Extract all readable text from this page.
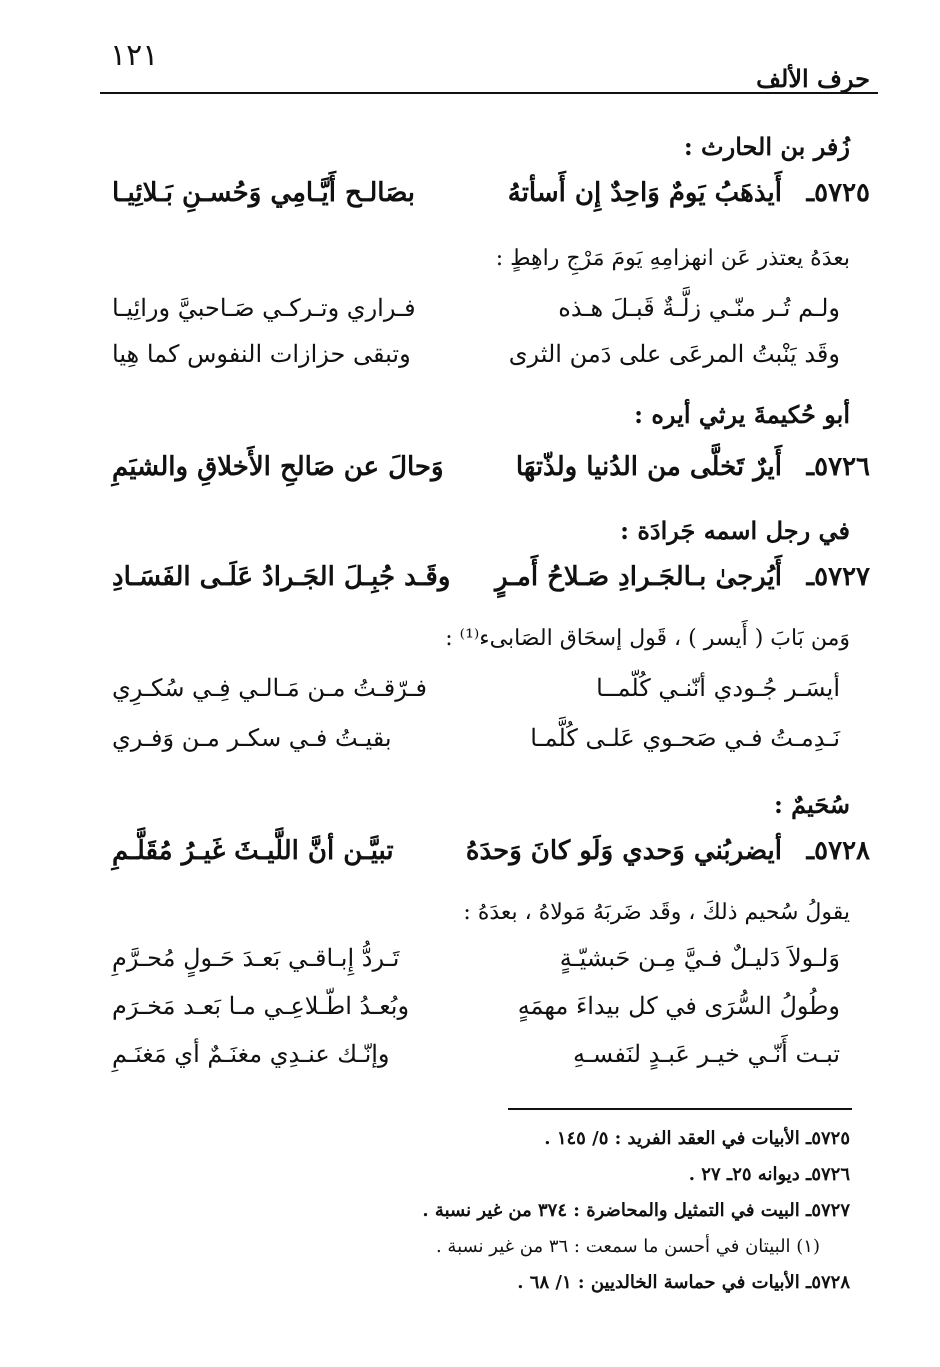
١٢١
حرف الألف
زُفر بن الحارث :
٥٧٢٥ـ
أَيذهَبُ يَومٌ وَاحِدٌ إِن أَسأتهُ
بصَالـح أَيَّـامِي وَحُسـنِ بَـلائِيـا
بعدَهُ يعتذر عَن انهزامِهِ يَومَ مَرْجِ راهِطٍ :
ولـم تُـر منّـي زلَّـةٌ قَبـلَ هـذه
فـراري وتـركـي صَـاحبيَّ ورائِيـا
وقَد يَنْبتُ المرعَى على دَمن الثرى
وتبقى حزازات النفوس كما هِيا
أبو حُكيمةَ يرثي أيره :
٥٧٢٦ـ
أَيرٌ تَخلَّى من الدُنيا ولذّتهَا
وَحالَ عن صَالحِ الأَخلاقِ والشيَمِ
في رجل اسمه جَرادَة :
٥٧٢٧ـ
أَيُرجىٰ بـالجَـرادِ صَـلاحُ أَمـرٍ
وقَـد جُبِـلَ الجَـرادُ عَلَـى الفَسَـادِ
وَمن بَابَ ( أَيسر ) ، قَول إسحَاق الصَابىء⁽¹⁾ :
أيسَـر جُـودي أنّنـي كُلّمــا
فـرّقـتُ مـن مَـالـي فِـي سُكـرِي
نَـدِمـتُ فـي صَحـوي عَلـى كُلَّمـا
بقيـتُ فـي سكـر مـن وَفـري
سُحَيمٌ :
٥٧٢٨ـ
أيضربُني وَحدي وَلَو كانَ وَحدَهُ
تبيَّـن أنَّ اللَّيـثَ غَيـرُ مُقَلَّـمِ
يقولُ سُحيم ذلكَ ، وقَد ضَربَهُ مَولاهُ ، بعدَهُ :
وَلـولاَ دَليـلٌ فـيَّ مِـن حَبشيّـةٍ
تَـردُّ إِبـاقـي بَعـدَ حَـولٍ مُحـرَّمِ
وطُولُ السُّرَى في كل بيداءَ مهمَهٍ
وبُعـدُ اطّـلاعِـي مـا بَعـد مَخـرَم
تبـت أَنّـي خيـر عَبـدٍ لنَفسـهِ
وإنّـك عنـدِي مغنَـمٌ أي مَغنَـمِ
٥٧٢٥ـ الأبيات في العقد الفريد : ٥/ ١٤٥ .
٥٧٢٦ـ ديوانه ٢٥ـ ٢٧ .
٥٧٢٧ـ البيت في التمثيل والمحاضرة : ٣٧٤ من غير نسبة .
(١) البيتان في أحسن ما سمعت : ٣٦ من غير نسبة .
٥٧٢٨ـ الأبيات في حماسة الخالديين : ١/ ٦٨ .
